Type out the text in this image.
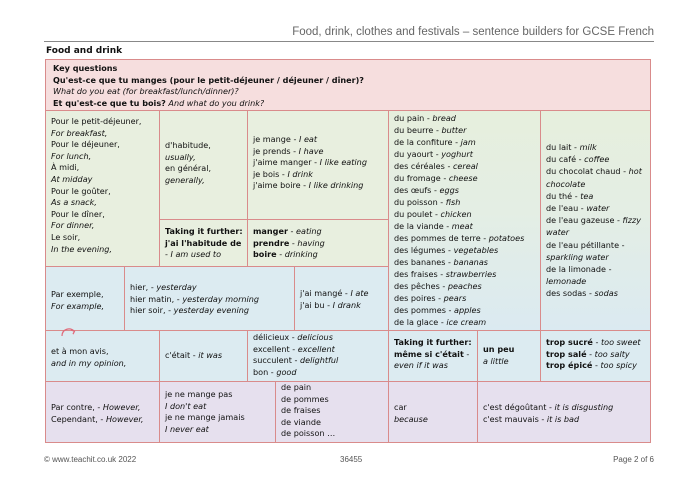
Food, drink, clothes and festivals – sentence builders for GCSE French
Food and drink
Key questions
Qu'est-ce que tu manges (pour le petit-déjeuner / déjeuner / dîner)?
What do you eat (for breakfast/lunch/dinner)?
Et qu'est-ce que tu bois? And what do you drink?
Pour le petit-déjeuner,
For breakfast,
Pour le déjeuner,
For lunch,
À midi,
At midday
Pour le goûter,
As a snack,
Pour le dîner,
For dinner,
Le soir,
In the evening,
d'habitude,
usually,
en général,
generally,
je mange - I eat
je prends - I have
j'aime manger - I like eating
je bois - I drink
j'aime boire - I like drinking
Taking it further:
j'ai l'habitude de
- I am used to
manger - eating
prendre - having
boire - drinking
du pain - bread
du beurre - butter
de la confiture - jam
du yaourt - yoghurt
des céréales - cereal
du fromage - cheese
des œufs - eggs
du poisson - fish
du poulet - chicken
de la viande - meat
des pommes de terre - potatoes
des légumes - vegetables
des bananes - bananas
des fraises - strawberries
des pêches - peaches
des poires - pears
des pommes - apples
de la glace - ice cream
du lait - milk
du café - coffee
du chocolat chaud - hot chocolate
du thé - tea
de l'eau - water
de l'eau gazeuse - fizzy water
de l'eau pétillante - sparkling water
de la limonade - lemonade
des sodas - sodas
Par exemple,
For example,
hier, - yesterday
hier matin, - yesterday morning
hier soir, - yesterday evening
j'ai mangé - I ate
j'ai bu - I drank
et à mon avis,
and in my opinion,
c'était - it was
délicieux - delicious
excellent - excellent
succulent - delightful
bon - good
Taking it further:
même si c'était -
even if it was
un peu
a little
trop sucré - too sweet
trop salé - too salty
trop épicé - too spicy
Par contre, - However,
Cependant, - However,
je ne mange pas
I don't eat
je ne mange jamais
I never eat
de pain
de pommes
de fraises
de viande
de poisson …
car
because
c'est dégoûtant - it is disgusting
c'est mauvais - it is bad
© www.teachit.co.uk 2022	36455	Page 2 of 6
